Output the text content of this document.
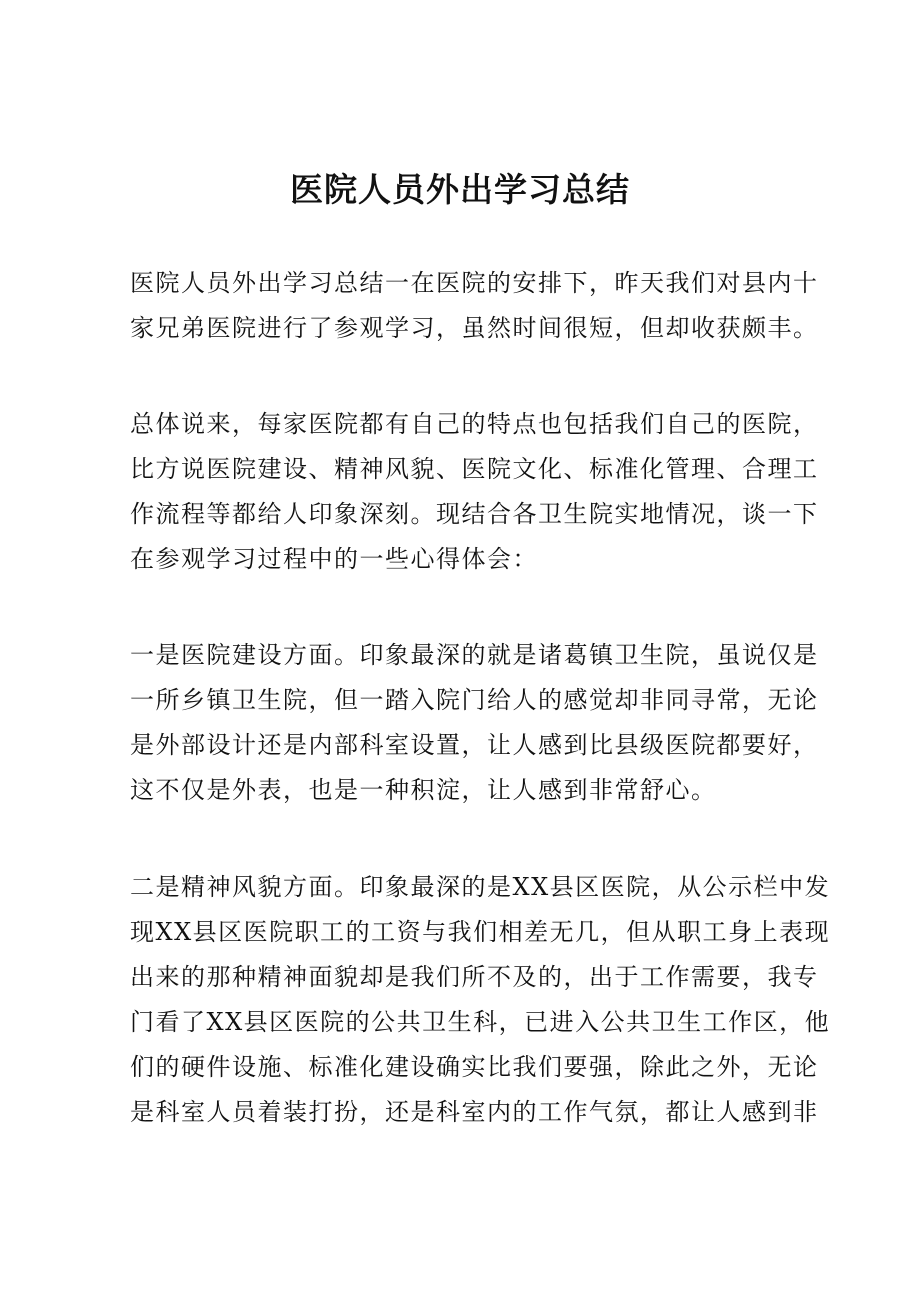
医院人员外出学习总结
医院人员外出学习总结一在医院的安排下，昨天我们对县内十
家兄弟医院进行了参观学习，虽然时间很短，但却收获颇丰。
总体说来，每家医院都有自己的特点也包括我们自己的医院，
比方说医院建设、精神风貌、医院文化、标准化管理、合理工
作流程等都给人印象深刻。现结合各卫生院实地情况，谈一下
在参观学习过程中的一些心得体会：
一是医院建设方面。印象最深的就是诸葛镇卫生院，虽说仅是
一所乡镇卫生院，但一踏入院门给人的感觉却非同寻常，无论
是外部设计还是内部科室设置，让人感到比县级医院都要好，
这不仅是外表，也是一种积淀，让人感到非常舒心。
二是精神风貌方面。印象最深的是XX县区医院，从公示栏中发
现XX县区医院职工的工资与我们相差无几，但从职工身上表现
出来的那种精神面貌却是我们所不及的，出于工作需要，我专
门看了XX县区医院的公共卫生科，已进入公共卫生工作区，他
们的硬件设施、标准化建设确实比我们要强，除此之外，无论
是科室人员着装打扮，还是科室内的工作气氛，都让人感到非
